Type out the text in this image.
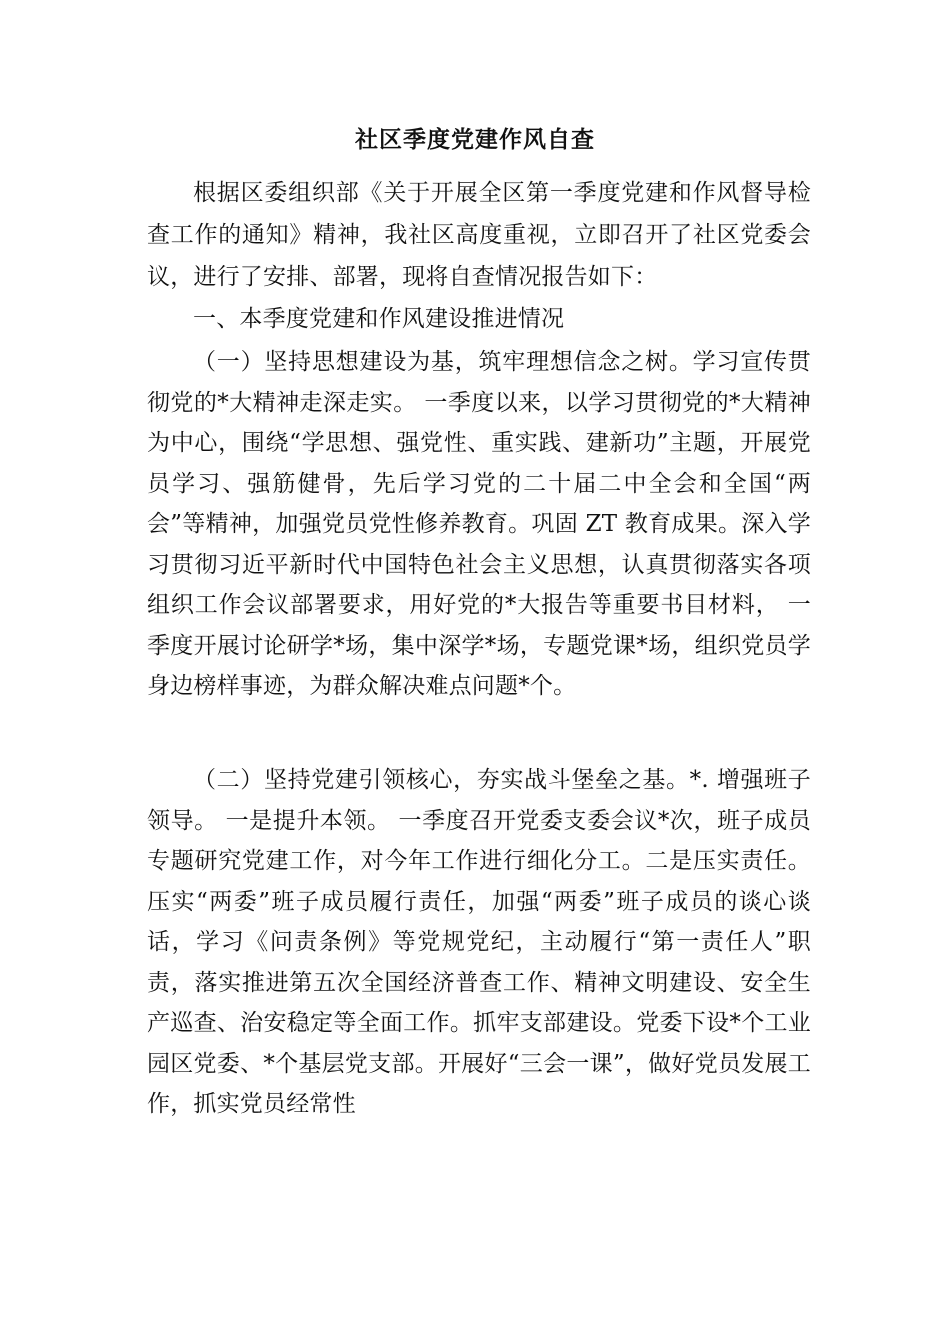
社区季度党建作风自查
根据区委组织部《关于开展全区第一季度党建和作风督导检查工作的通知》精神，我社区高度重视，立即召开了社区党委会议，进行了安排、部署，现将自查情况报告如下：
一、本季度党建和作风建设推进情况
（一）坚持思想建设为基，筑牢理想信念之树。学习宣传贯彻党的*大精神走深走实。 一季度以来，以学习贯彻党的*大精神为中心，围绕“学思想、强党性、重实践、建新功”主题，开展党员学习、强筋健骨，先后学习党的二十届二中全会和全国“两会”等精神，加强党员党性修养教育。巩固 ZT 教育成果。深入学习贯彻习近平新时代中国特色社会主义思想，认真贯彻落实各项组织工作会议部署要求，用好党的*大报告等重要书目材料， 一季度开展讨论研学*场，集中深学*场，专题党课*场，组织党员学身边榜样事迹，为群众解决难点问题*个。
（二）坚持党建引领核心，夯实战斗堡垒之基。*. 增强班子领导。 一是提升本领。 一季度召开党委支委会议*次，班子成员专题研究党建工作，对今年工作进行细化分工。二是压实责任。压实“两委”班子成员履行责任，加强“两委”班子成员的谈心谈话，学习《问责条例》等党规党纪，主动履行“第一责任人”职责，落实推进第五次全国经济普查工作、精神文明建设、安全生产巡查、治安稳定等全面工作。抓牢支部建设。党委下设*个工业园区党委、*个基层党支部。开展好“三会一课”，做好党员发展工作，抓实党员经常性
